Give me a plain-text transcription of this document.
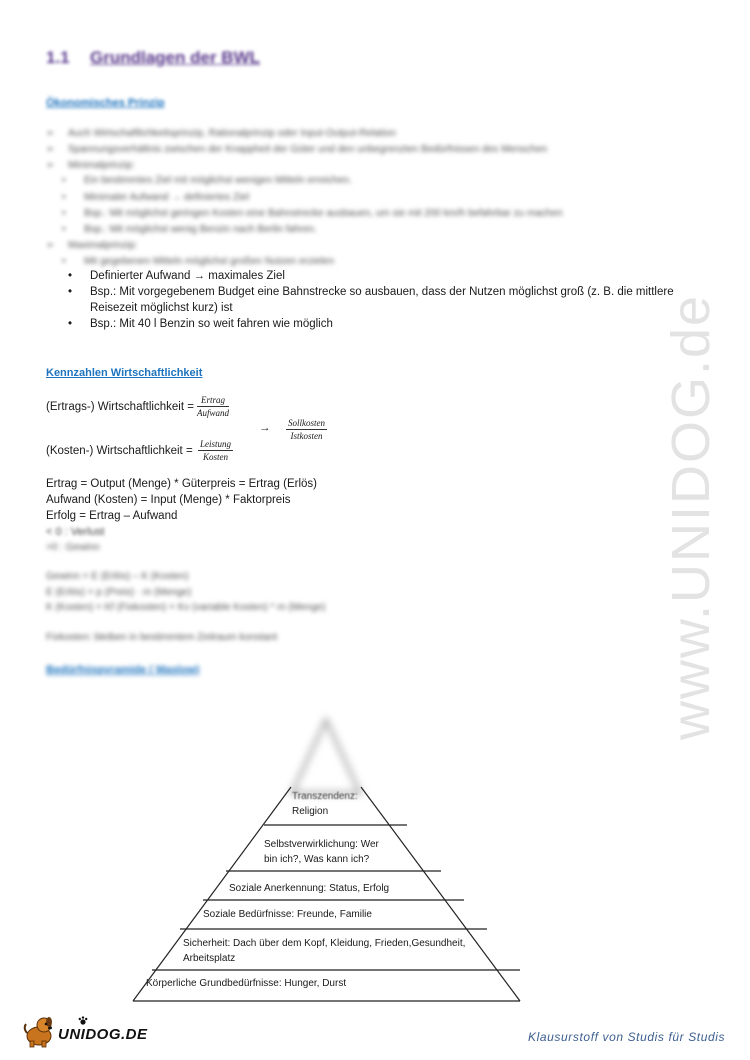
1.1 Grundlagen der BWL
Ökonomisches Prinzip
➢ Auch Wirtschaftlichkeitsprinzip, Rationalprinzip oder Input-Output-Relation
➢ Spannungsverhältnis zwischen der Knappheit der Güter und den unbegrenzten Bedürfnissen des Menschen
➢ Minimalprinzip:
• Ein bestimmtes Ziel mit möglichst wenigen Mitteln erreichen.
• Minimaler Aufwand → definiertes Ziel
• Bsp.: Mit möglichst geringen Kosten eine Bahnstrecke ausbauen, um sie mit 200 km/h befahrbar zu machen
• Bsp.: Mit möglichst wenig Benzin nach Berlin fahren.
➢ Maximalprinzip:
• Mit gegebenen Mitteln möglichst großen Nutzen erzielen
• Definierter Aufwand → maximales Ziel
• Bsp.: Mit vorgegebenem Budget eine Bahnstrecke so ausbauen, dass der Nutzen möglichst groß (z. B. die mittlere
Reisezeit möglichst kurz) ist
• Bsp.: Mit 40 l Benzin so weit fahren wie möglich
Kennzahlen Wirtschaftlichkeit
(Ertrags-) Wirtschaftlichkeit =
Ertrag
Aufwand
→ Sollkosten
Istkosten
(Kosten-) Wirtschaftlichkeit =
Leistung
Kosten
Ertrag = Output (Menge) * Güterpreis = Ertrag (Erlös)
Aufwand (Kosten) = Input (Menge) * Faktorpreis
Erfolg = Ertrag – Aufwand
< 0 : Verlust
>0 : Gewinn
Gewinn = E (Erlös) – K (Kosten)
E (Erlös) = p (Preis) · m (Menge)
K (Kosten) = Kf (Fixkosten) + Kv (variable Kosten) * m (Menge)
Fixkosten: bleiben in bestimmtem Zeitraum konstant
Bedürfnispyramide ( Maslow)
Transzendenz:
Religion
Selbstverwirklichung: Wer
bin ich?, Was kann ich?
Soziale Anerkennung: Status, Erfolg
Soziale Bedürfnisse: Freunde, Familie
Sicherheit: Dach über dem Kopf, Kleidung, Frieden,Gesundheit,
Arbeitsplatz
Körperliche Grundbedürfnisse: Hunger, Durst
www.UNIDOG.de
UNIDOG.DE	Klausurstoff von Studis für Studis
